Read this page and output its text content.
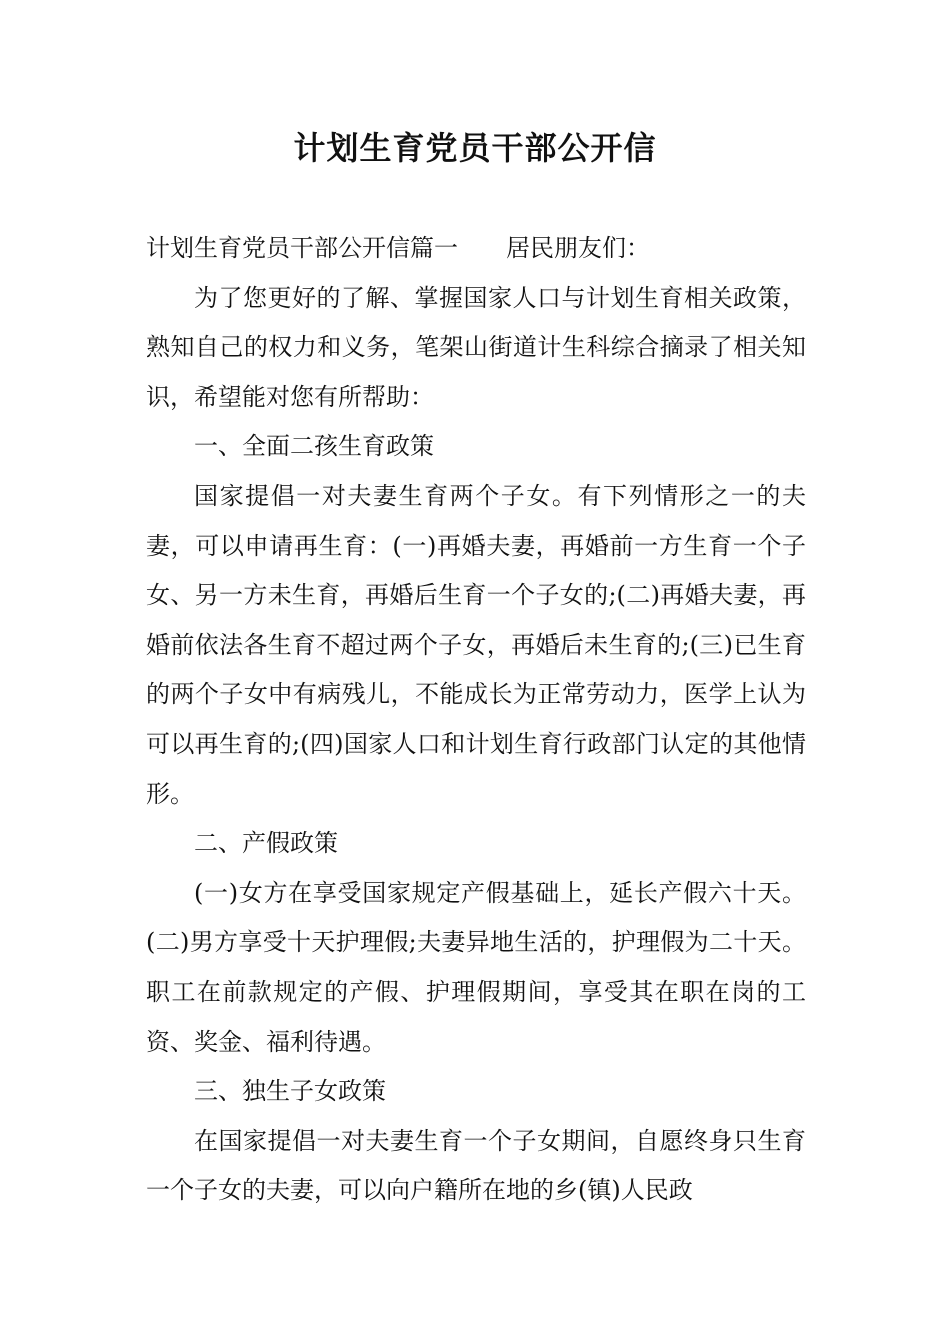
计划生育党员干部公开信

计划生育党员干部公开信篇一 居民朋友们：

为了您更好的了解、掌握国家人口与计划生育相关政策，熟知自己的权力和义务，笔架山街道计生科综合摘录了相关知识，希望能对您有所帮助：

一、全面二孩生育政策

国家提倡一对夫妻生育两个子女。有下列情形之一的夫妻，可以申请再生育：(一)再婚夫妻，再婚前一方生育一个子女、另一方未生育，再婚后生育一个子女的;(二)再婚夫妻，再婚前依法各生育不超过两个子女，再婚后未生育的;(三)已生育的两个子女中有病残儿，不能成长为正常劳动力，医学上认为可以再生育的;(四)国家人口和计划生育行政部门认定的其他情形。

二、产假政策

(一)女方在享受国家规定产假基础上，延长产假六十天。(二)男方享受十天护理假;夫妻异地生活的，护理假为二十天。职工在前款规定的产假、护理假期间，享受其在职在岗的工资、奖金、福利待遇。

三、独生子女政策

在国家提倡一对夫妻生育一个子女期间，自愿终身只生育一个子女的夫妻，可以向户籍所在地的乡(镇)人民政
